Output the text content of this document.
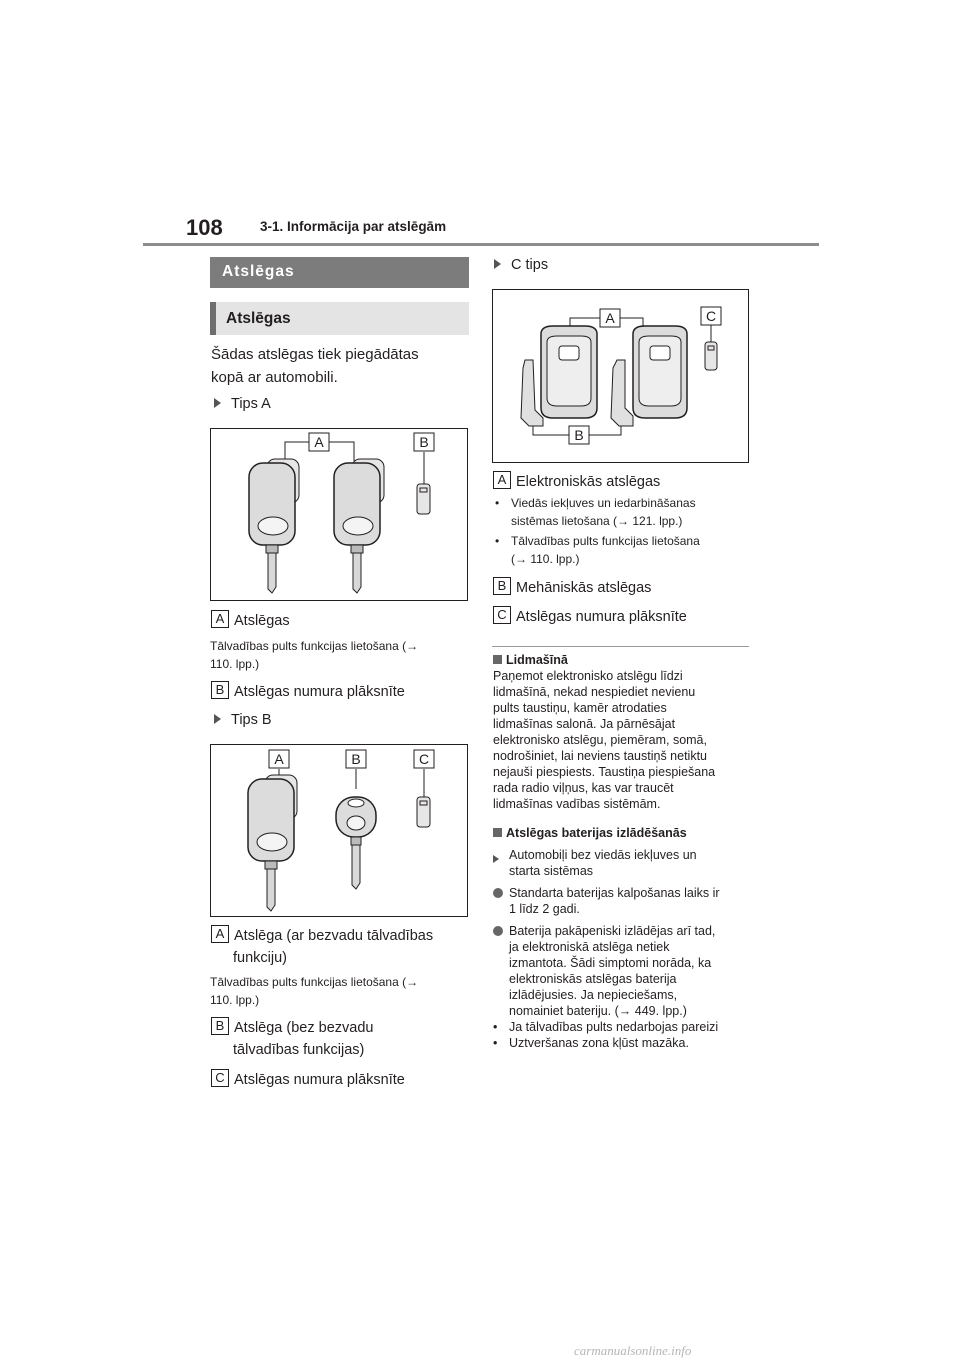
108	3-1. Informācija par atslēgām
Atslēgas
Atslēgas
Šādas atslēgas tiek piegādātas
kopā ar automobili.
Tips A
A	B
A Atslēgas
Tālvadības pults funkcijas lietošana (→
110. lpp.)
B Atslēgas numura plāksnīte
Tips B
A	B	C
A Atslēga (ar bezvadu tālvadības
funkciju)
Tālvadības pults funkcijas lietošana (→
110. lpp.)
B Atslēga (bez bezvadu
tālvadības funkcijas)
C Atslēgas numura plāksnīte
C tips
A	C
B
A Elektroniskās atslēgas
• Viedās iekļuves un iedarbināšanas
sistēmas lietošana (→ 121. lpp.)
• Tālvadības pults funkcijas lietošana
(→ 110. lpp.)
B Mehāniskās atslēgas
C Atslēgas numura plāksnīte
Lidmašīnā
Paņemot elektronisko atslēgu līdzi
lidmašīnā, nekad nespiediet nevienu
pults taustiņu, kamēr atrodaties
lidmašīnas salonā. Ja pārnēsājat
elektronisko atslēgu, piemēram, somā,
nodrošiniet, lai neviens taustiņš netiktu
nejauši piespiests. Taustiņa piespiešana
rada radio viļņus, kas var traucēt
lidmašīnas vadības sistēmām.
Atslēgas baterijas izlādēšanās
Automobiļi bez viedās iekļuves un
starta sistēmas
Standarta baterijas kalpošanas laiks ir
1 līdz 2 gadi.
Baterija pakāpeniski izlādējas arī tad,
ja elektroniskā atslēga netiek
izmantota. Šādi simptomi norāda, ka
elektroniskās atslēgas baterija
izlādējusies. Ja nepieciešams,
nomainiet bateriju. (→ 449. lpp.)
• Ja tālvadības pults nedarbojas pareizi
• Uztveršanas zona kļūst mazāka.
carmanualsonline.info
